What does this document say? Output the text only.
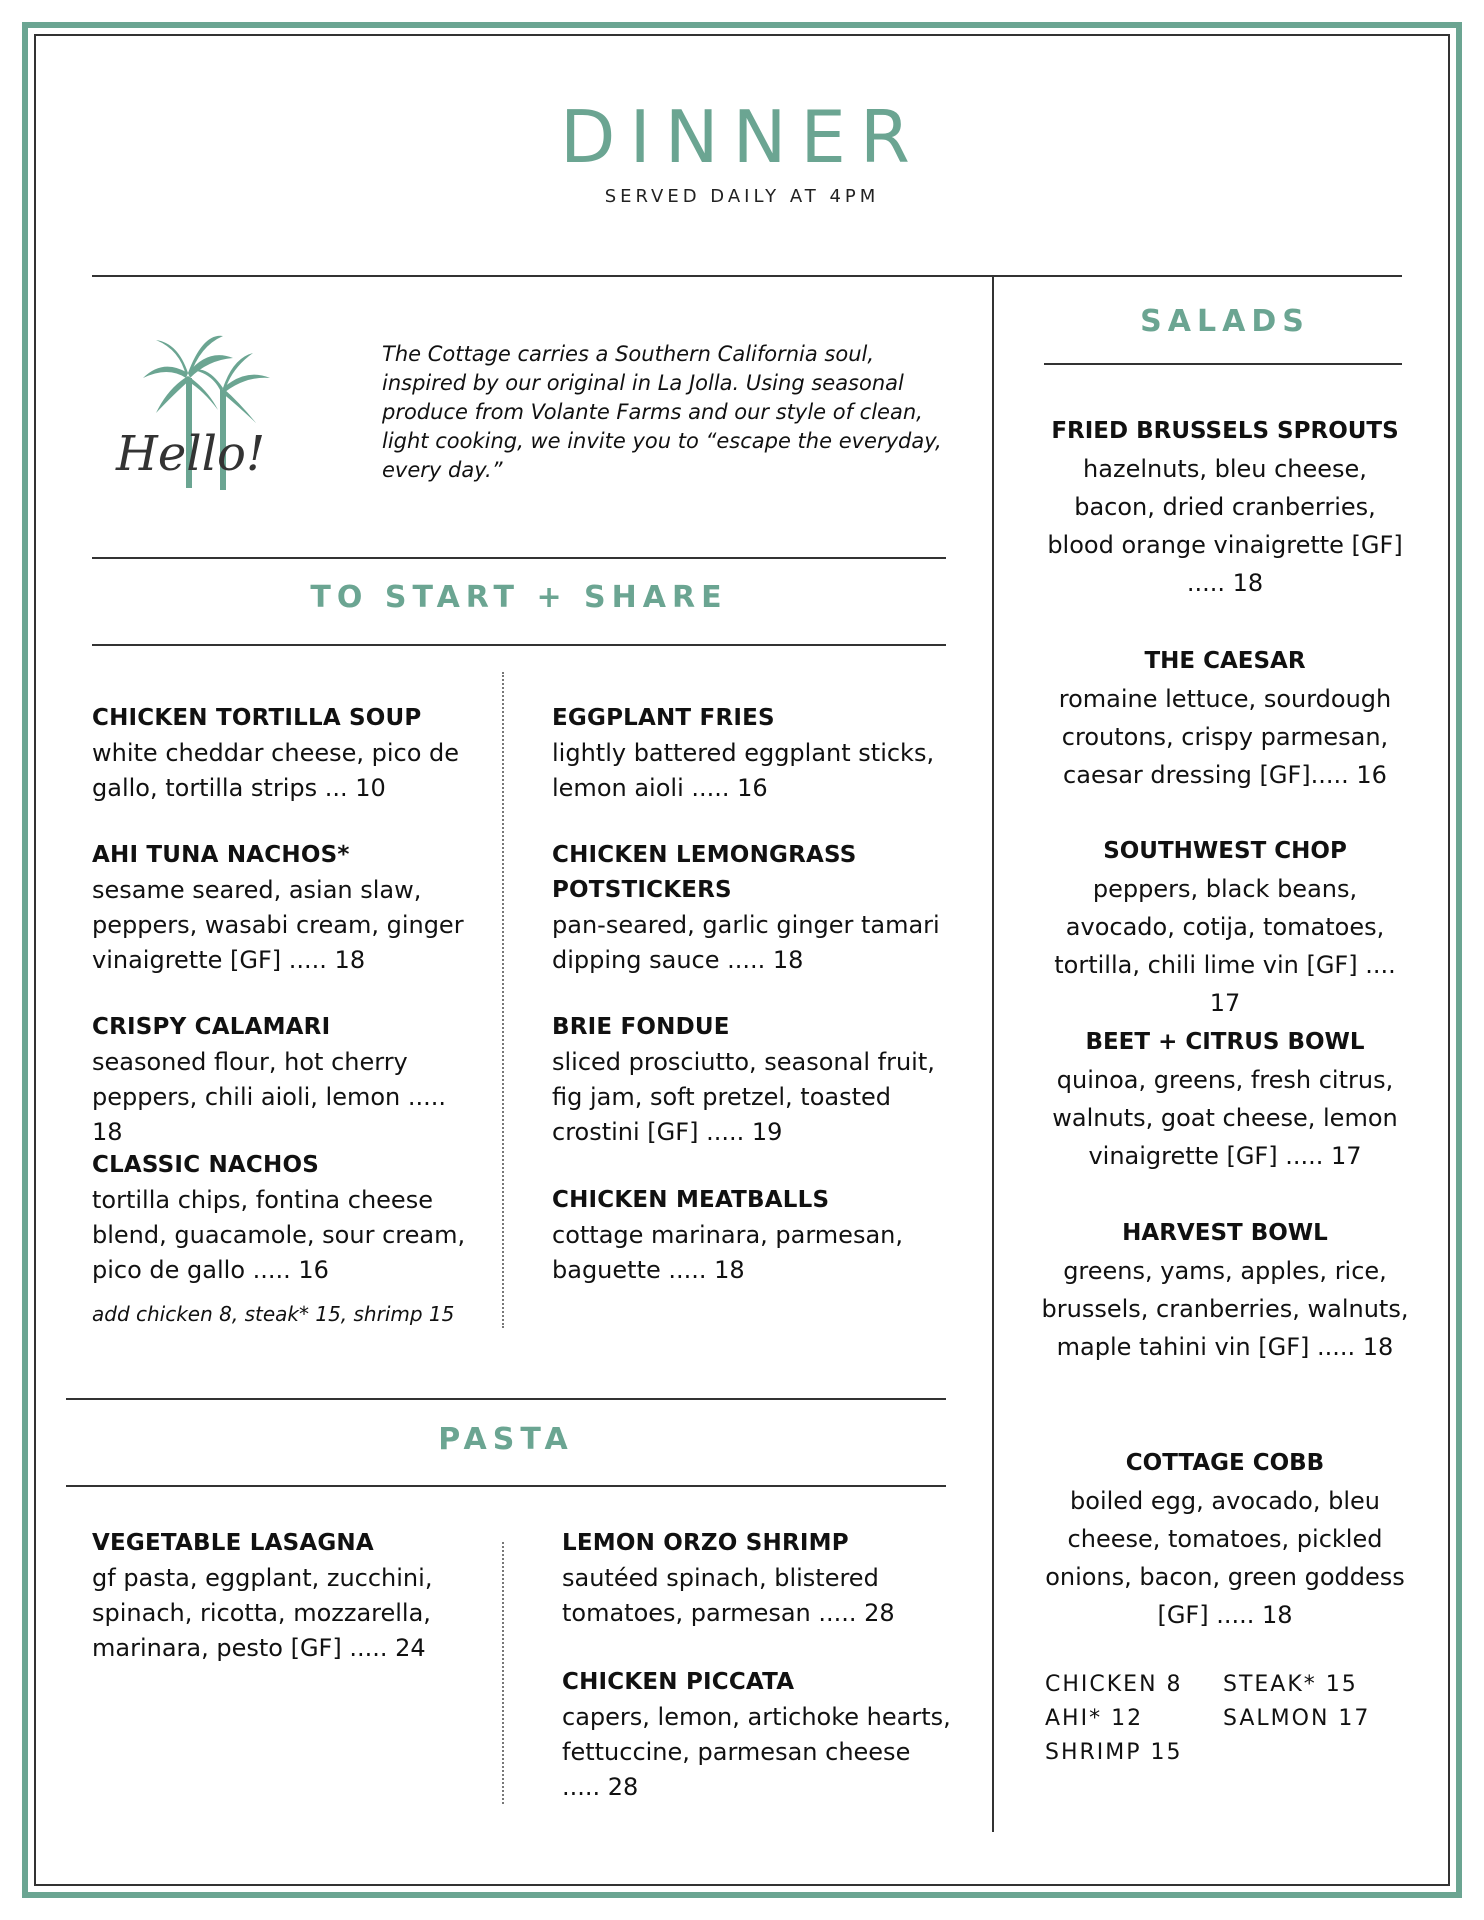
DINNER
SERVED DAILY AT 4PM
Hello!
The Cottage carries a Southern California soul, inspired by our original in La Jolla. Using seasonal produce from Volante Farms and our style of clean, light cooking, we invite you to “escape the everyday, every day.”
TO START + SHARE
CHICKEN TORTILLA SOUP
white cheddar cheese, pico de gallo, tortilla strips ... 10
AHI TUNA NACHOS*
sesame seared, asian slaw, peppers, wasabi cream, ginger vinaigrette [GF] ..... 18
CRISPY CALAMARI
seasoned flour, hot cherry peppers, chili aioli, lemon ..... 18
CLASSIC NACHOS
tortilla chips, fontina cheese blend, guacamole, sour cream, pico de gallo ..... 16
add chicken 8, steak* 15, shrimp 15
EGGPLANT FRIES
lightly battered eggplant sticks, lemon aioli ..... 16
CHICKEN LEMONGRASS POTSTICKERS
pan-seared, garlic ginger tamari dipping sauce ..... 18
BRIE FONDUE
sliced prosciutto, seasonal fruit, fig jam, soft pretzel, toasted crostini [GF] ..... 19
CHICKEN MEATBALLS
cottage marinara, parmesan, baguette ..... 18
PASTA
VEGETABLE LASAGNA
gf pasta, eggplant, zucchini, spinach, ricotta, mozzarella, marinara, pesto [GF] ..... 24
LEMON ORZO SHRIMP
sautéed spinach, blistered tomatoes, parmesan ..... 28
CHICKEN PICCATA
capers, lemon, artichoke hearts, fettuccine, parmesan cheese ..... 28
SALADS
FRIED BRUSSELS SPROUTS
hazelnuts, bleu cheese, bacon, dried cranberries, blood orange vinaigrette [GF] ..... 18
THE CAESAR
romaine lettuce, sourdough croutons, crispy parmesan, caesar dressing [GF]..... 16
SOUTHWEST CHOP
peppers, black beans, avocado, cotija, tomatoes, tortilla, chili lime vin [GF] .... 17
BEET + CITRUS BOWL
quinoa, greens, fresh citrus, walnuts, goat cheese, lemon vinaigrette [GF] ..... 17
HARVEST BOWL
greens, yams, apples, rice, brussels, cranberries, walnuts, maple tahini vin [GF] ..... 18
COTTAGE COBB
boiled egg, avocado, bleu cheese, tomatoes, pickled onions, bacon, green goddess [GF] ..... 18
CHICKEN 8 STEAK* 15
AHI* 12	SALMON 17
SHRIMP 15
